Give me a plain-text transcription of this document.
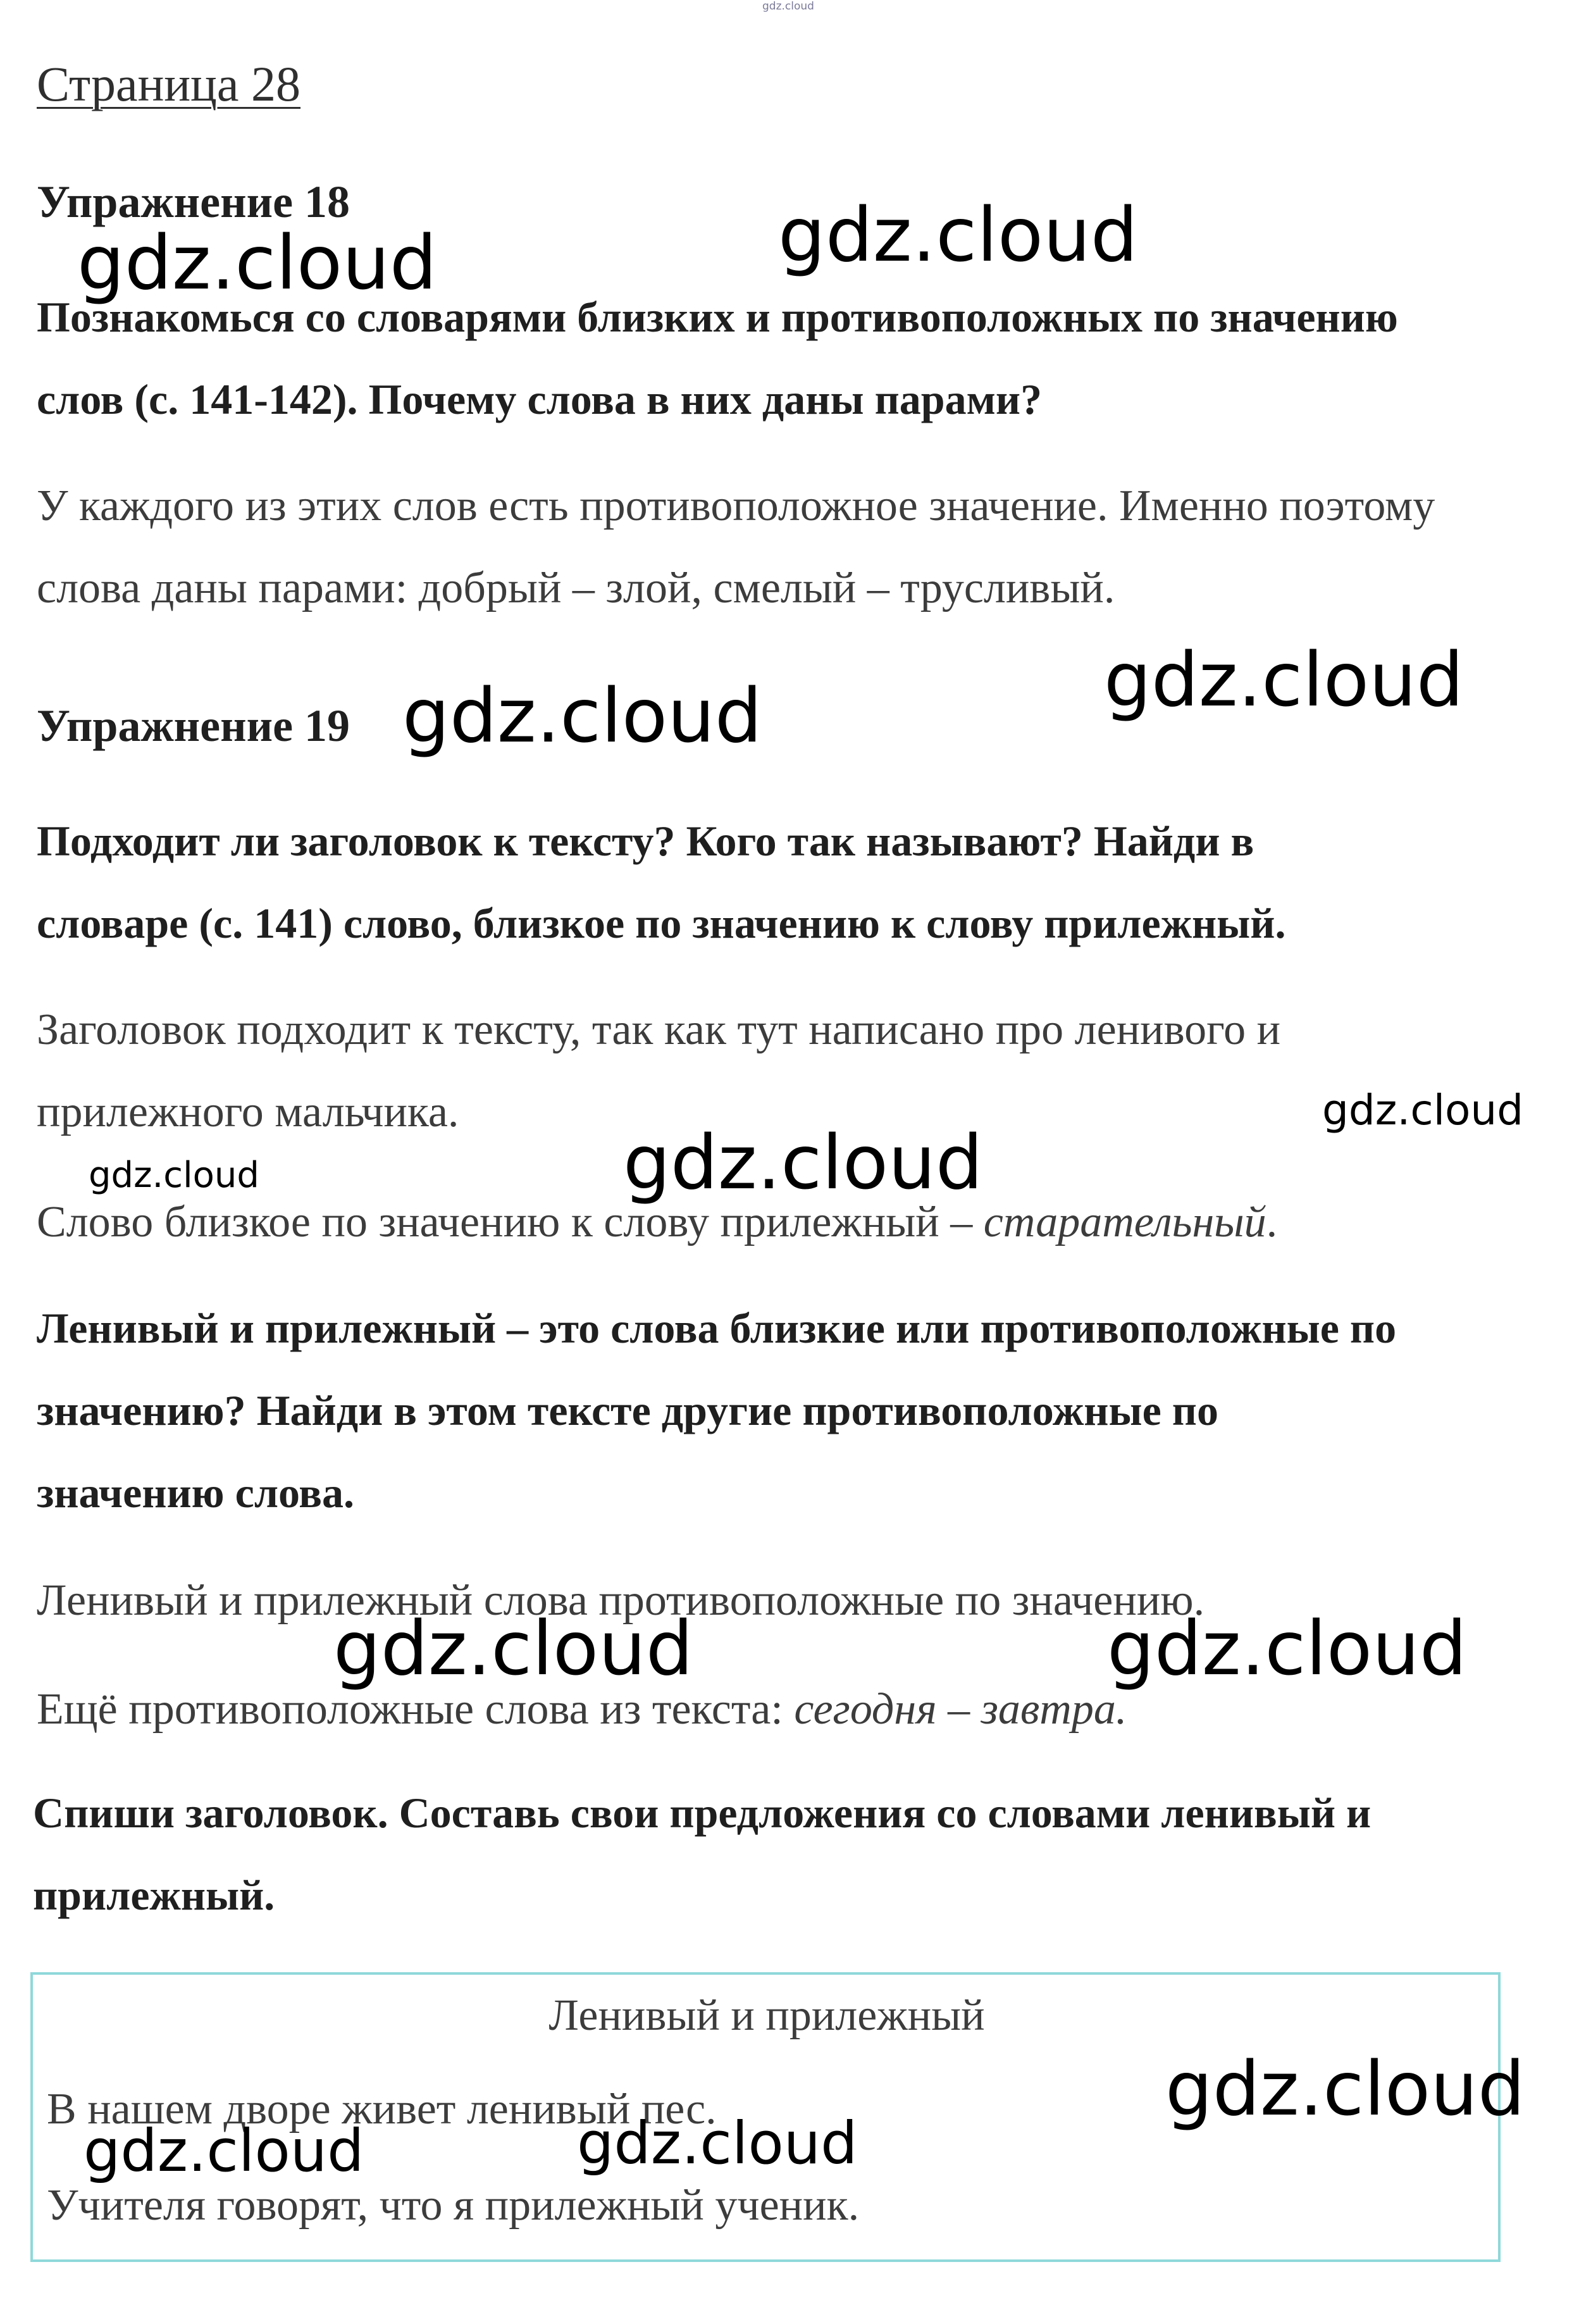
gdz.cloud
Страница 28
Упражнение 18
Познакомься со словарями близких и противоположных по значению
слов (с. 141-142). Почему слова в них даны парами?
У каждого из этих слов есть противоположное значение. Именно поэтому
слова даны парами: добрый – злой, смелый – трусливый.
Упражнение 19
Подходит ли заголовок к тексту? Кого так называют? Найди в
словаре (с. 141) слово, близкое по значению к слову прилежный.
Заголовок подходит к тексту, так как тут написано про ленивого и
прилежного мальчика.
Слово близкое по значению к слову прилежный – старательный.
Ленивый и прилежный – это слова близкие или противоположные по
значению? Найди в этом тексте другие противоположные по
значению слова.
Ленивый и прилежный слова противоположные по значению.
Ещё противоположные слова из текста: сегодня – завтра.
Спиши заголовок. Составь свои предложения со словами ленивый и
прилежный.
Ленивый и прилежный
В нашем дворе живет ленивый пес.
Учителя говорят, что я прилежный ученик.
gdz.cloud
gdz.cloud
gdz.cloud
gdz.cloud
gdz.cloud
gdz.cloud
gdz.cloud
gdz.cloud	gdz.cloud
gdz.cloud
gdz.cloud
gdz.cloud
